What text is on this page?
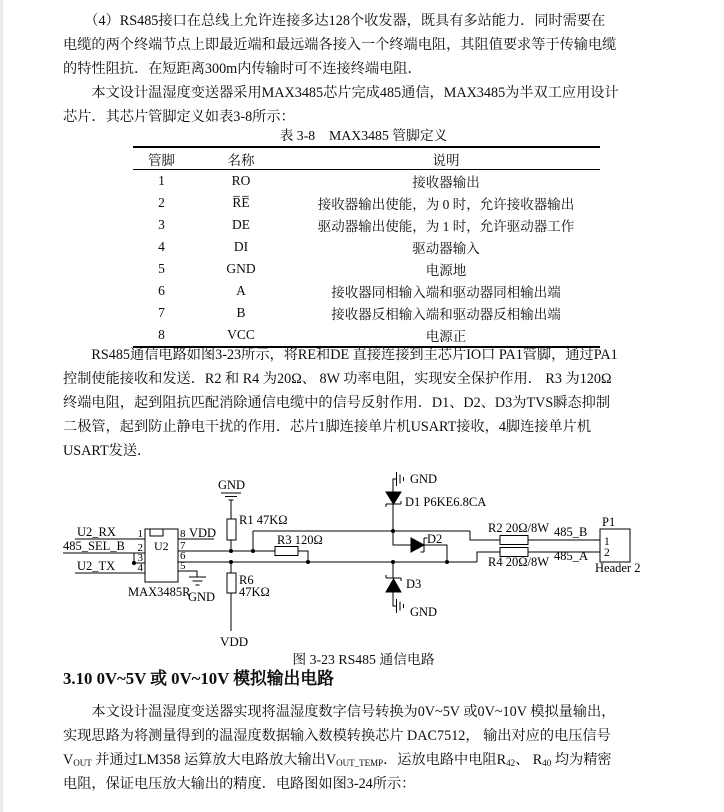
　　（4）RS485接口在总线上允许连接多达128个收发器，既具有多站能力．同时需要在
电缆的两个终端节点上即最近端和最远端各接入一个终端电阻，其阻值要求等于传输电缆
的特性阻抗．在短距离300m内传输时可不连接终端电阻．
　　本文设计温湿度变送器采用MAX3485芯片完成485通信，MAX3485为半双工应用设计
芯片．其芯片管脚定义如表3-8所示：
表 3-8　MAX3485 管脚定义
管脚	名称	说明
1	RO	接收器输出
2	R̅E̅	接收器输出使能，为 0 时，允许接收器输出
3	DE	驱动器输出使能，为 1 时，允许驱动器工作
4	DI	驱动器输入
5	GND	电源地
6	A	接收器同相输入端和驱动器同相输出端
7	B	接收器反相输入端和驱动器反相输出端
8	VCC	电源正
　　RS485通信电路如图3-23所示，将R̅E̅和DE 直接连接到主芯片IO口 PA1管脚，通过PA1
控制使能接收和发送．R2 和 R4 为20Ω、 8W 功率电阻，实现安全保护作用． R3 为120Ω
终端电阻，起到阻抗匹配消除通信电缆中的信号反射作用．D1、D2、D3为TVS瞬态抑制
二极管，起到防止静电干扰的作用．芯片1脚连接单片机USART接收，4脚连接单片机
USART发送．
U2_RX
485_SEL_B
U2_TX
1
2
3
4
8
7
6
5
U2
MAX3485R
VDD
GND
GND
R1 47KΩ
R3 120Ω
R6
47KΩ
VDD
GND
D1 P6KE6.8CA
D2
D3
GND
R2 20Ω/8W
R4 20Ω/8W
485_B
485_A
P1
1
2
Header 2
图 3-23 RS485 通信电路
3.10 0V~5V 或 0V~10V 模拟输出电路
　　本文设计温湿度变送器实现将温湿度数字信号转换为0V~5V 或0V~10V 模拟量输出，
实现思路为将测量得到的温湿度数据输入数模转换芯片 DAC7512， 输出对应的电压信号
$V_{OUT}$ 并通过LM358 运算放大电路放大输出$V_{OUT\_TEMP}$．运放电路中电阻$R_{42}$、 $R_{40}$ 均为精密
电阻，保证电压放大输出的精度．电路图如图3-24所示：
